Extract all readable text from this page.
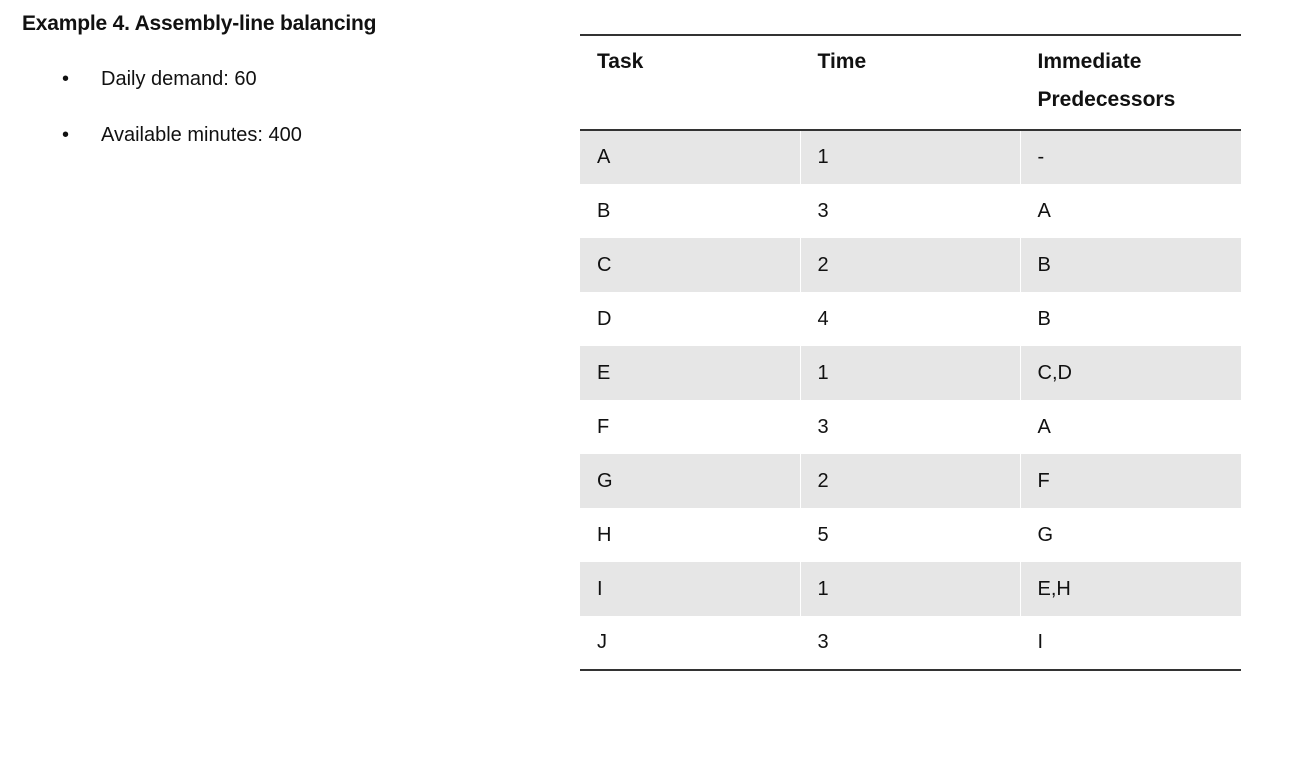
Example 4. Assembly-line balancing
• Daily demand: 60
• Available minutes: 400
Task	Time	Immediate Predecessors
A	1	-
B	3	A
C	2	B
D	4	B
E	1	C,D
F	3	A
G	2	F
H	5	G
I	1	E,H
J	3	I
